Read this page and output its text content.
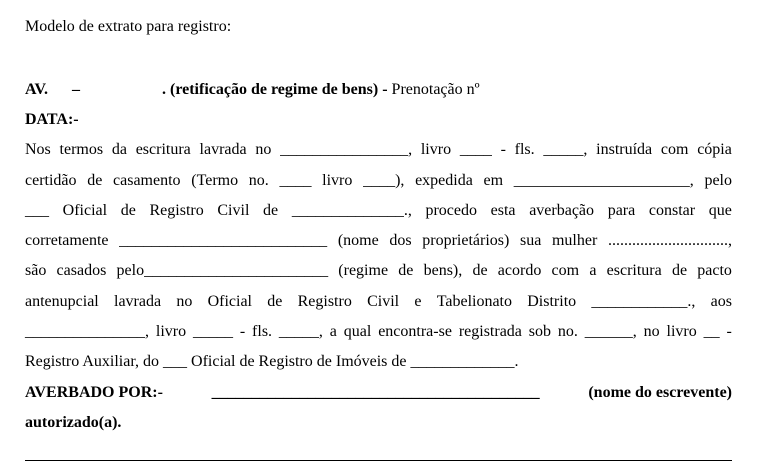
Modelo de extrato para registro:
AV. –	. (retificação de regime de bens) - Prenotação nº
DATA:-
Nos termos da escritura lavrada no ________________, livro ____ - fls. _____, instruída com cópia
certidão de casamento (Termo no. ____ livro ____), expedida em ______________________, pelo
___ Oficial de Registro Civil de ______________., procedo esta averbação para constar que
corretamente __________________________ (nome dos proprietários) sua mulher ..............................,
são casados pelo_______________________ (regime de bens), de acordo com a escritura de pacto
antenupcial lavrada no Oficial de Registro Civil e Tabelionato Distrito ____________., aos
_______________, livro _____ - fls. _____, a qual encontra-se registrada sob no. ______, no livro __ -
Registro Auxiliar, do ___ Oficial de Registro de Imóveis de _____________.
AVERBADO POR:-	_________________________________________	(nome do escrevente)
autorizado(a).
